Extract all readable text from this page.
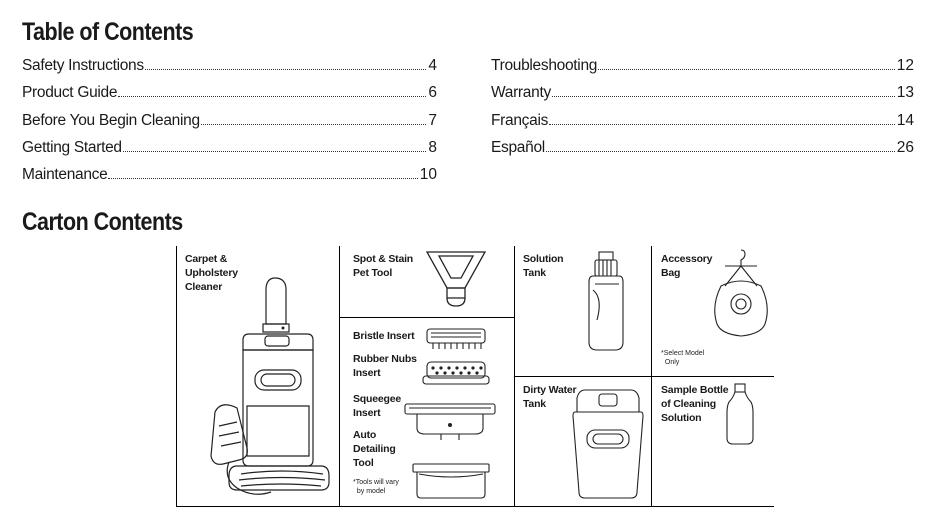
Table of Contents
Safety Instructions	4
Product Guide	6
Before You Begin Cleaning	7
Getting Started	8
Maintenance	10
Troubleshooting	12
Warranty	13
Français	14
Español	26
Carton Contents
Carpet &
Upholstery
Cleaner
Spot & Stain
Pet Tool
Bristle Insert
Rubber Nubs
Insert
Squeegee
Insert
Auto
Detailing
Tool
*Tools will vary
by model
Solution
Tank
Accessory
Bag
*Select Model
Only
Dirty Water
Tank
Sample Bottle
of Cleaning
Solution
